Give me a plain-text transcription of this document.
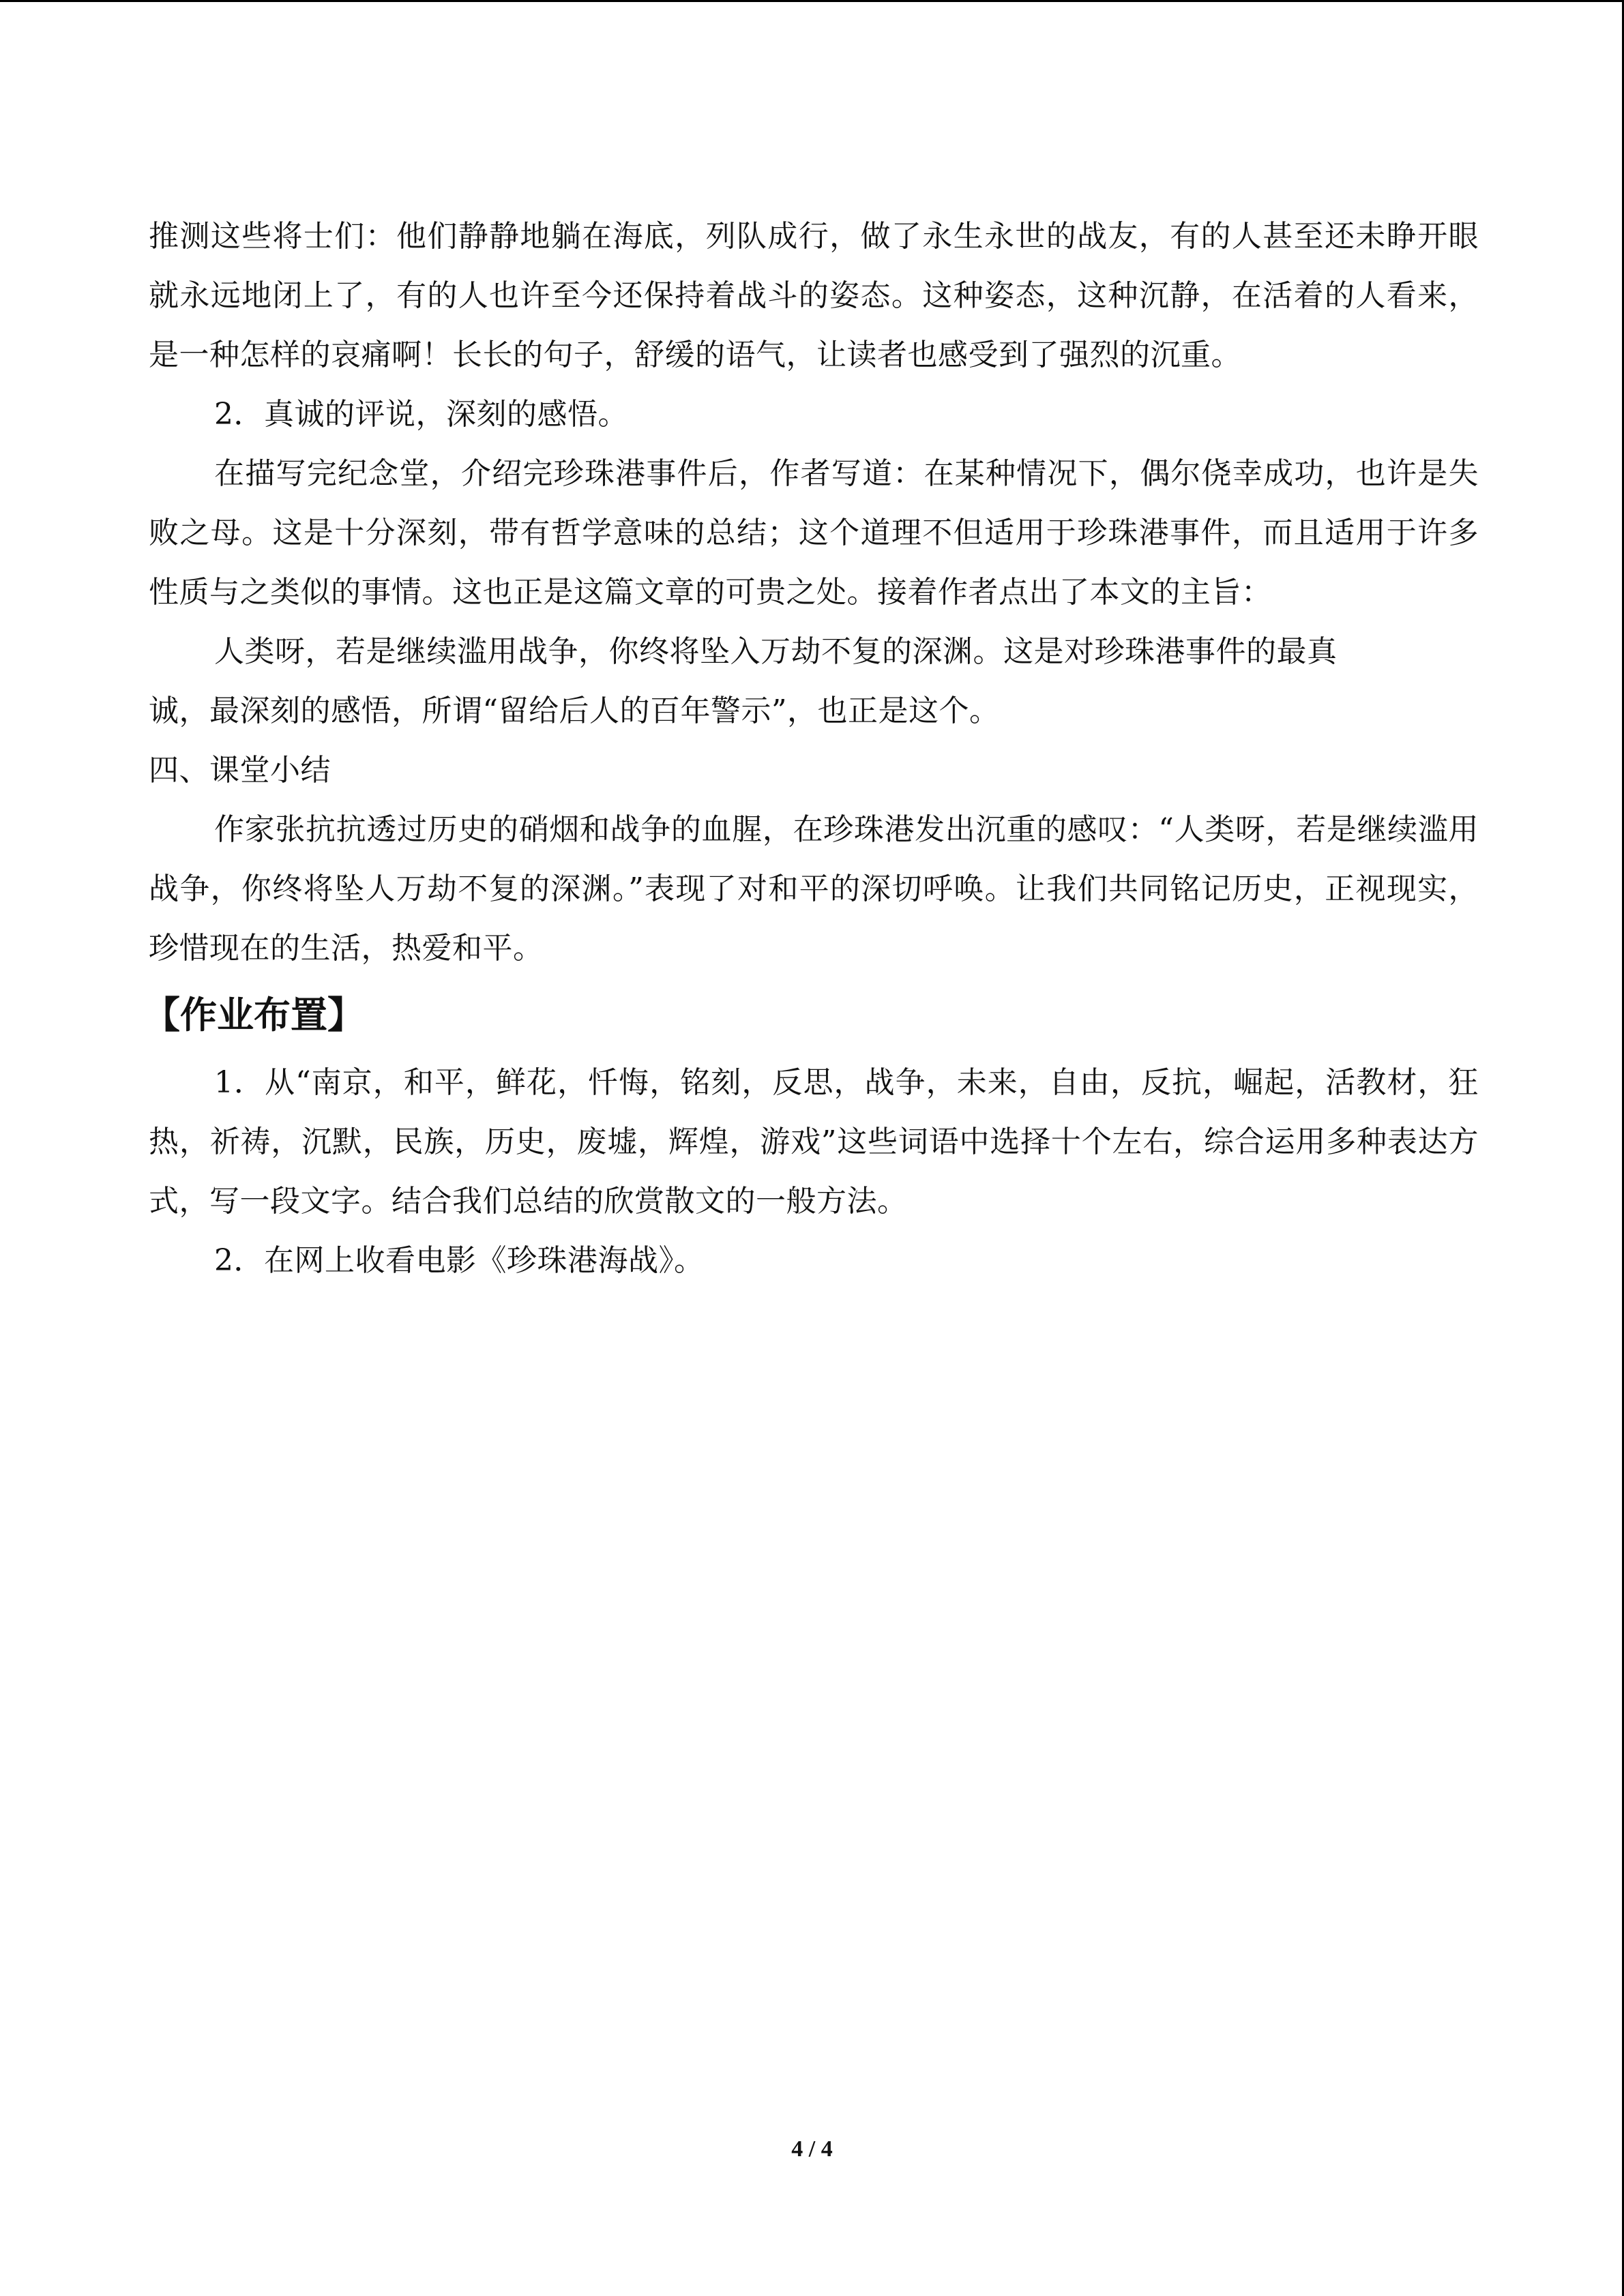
推测这些将士们：他们静静地躺在海底，列队成行，做了永生永世的战友，有的人甚至还未睁开眼就永远地闭上了，有的人也许至今还保持着战斗的姿态。这种姿态，这种沉静，在活着的人看来，是一种怎样的哀痛啊！长长的句子，舒缓的语气，让读者也感受到了强烈的沉重。

2．真诚的评说，深刻的感悟。

在描写完纪念堂，介绍完珍珠港事件后，作者写道：在某种情况下，偶尔侥幸成功，也许是失败之母。这是十分深刻，带有哲学意味的总结；这个道理不但适用于珍珠港事件，而且适用于许多性质与之类似的事情。这也正是这篇文章的可贵之处。接着作者点出了本文的主旨：

人类呀，若是继续滥用战争，你终将坠入万劫不复的深渊。这是对珍珠港事件的最真

诚，最深刻的感悟，所谓“留给后人的百年警示”，也正是这个。

四、课堂小结

作家张抗抗透过历史的硝烟和战争的血腥，在珍珠港发出沉重的感叹：“人类呀，若是继续滥用战争，你终将坠人万劫不复的深渊。”表现了对和平的深切呼唤。让我们共同铭记历史，正视现实，珍惜现在的生活，热爱和平。

【作业布置】

1．从“南京，和平，鲜花，忏悔，铭刻，反思，战争，未来，自由，反抗，崛起，活教材，狂热，祈祷，沉默，民族，历史，废墟，辉煌，游戏”这些词语中选择十个左右，综合运用多种表达方式，写一段文字。结合我们总结的欣赏散文的一般方法。

2．在网上收看电影《珍珠港海战》。

4 / 4
